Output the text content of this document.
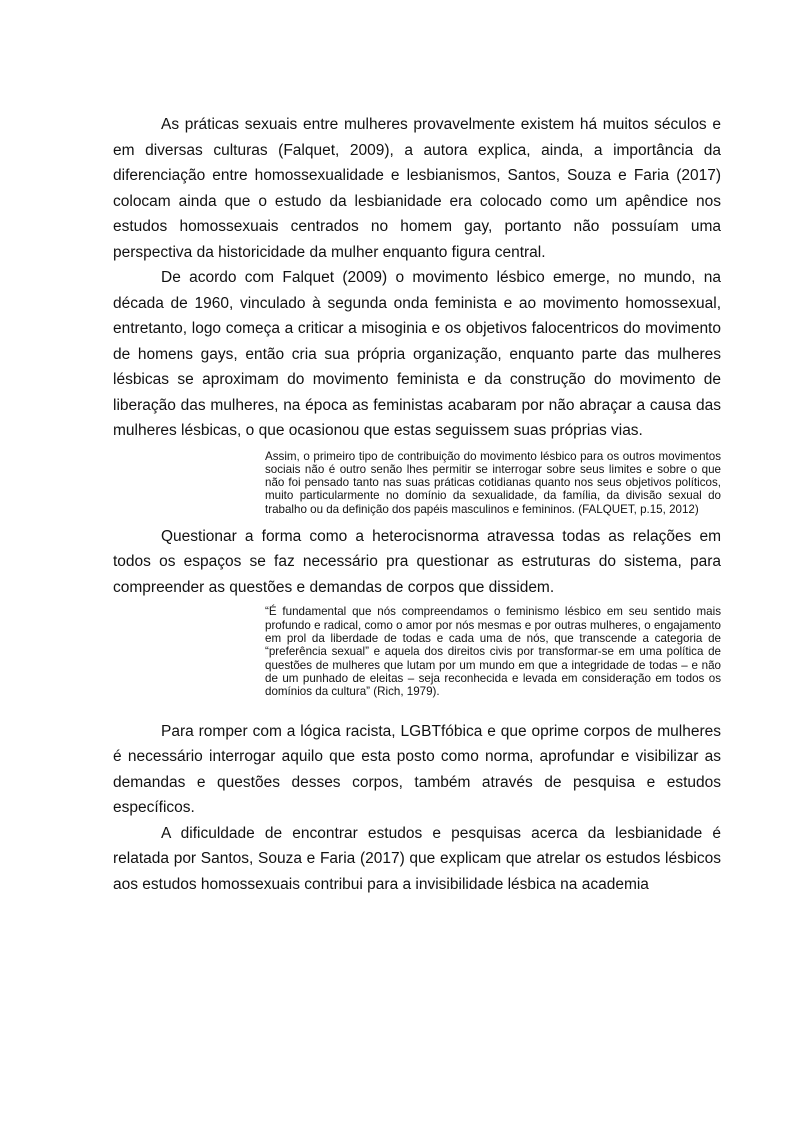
As práticas sexuais entre mulheres provavelmente existem há muitos séculos e em diversas culturas (Falquet, 2009), a autora explica, ainda, a importância da diferenciação entre homossexualidade e lesbianismos, Santos, Souza e Faria (2017) colocam ainda que o estudo da lesbianidade era colocado como um apêndice nos estudos homossexuais centrados no homem gay, portanto não possuíam uma perspectiva da historicidade da mulher enquanto figura central.

De acordo com Falquet (2009) o movimento lésbico emerge, no mundo, na década de 1960, vinculado à segunda onda feminista e ao movimento homossexual, entretanto, logo começa a criticar a misoginia e os objetivos falocentricos do movimento de homens gays, então cria sua própria organização, enquanto parte das mulheres lésbicas se aproximam do movimento feminista e da construção do movimento de liberação das mulheres, na época as feministas acabaram por não abraçar a causa das mulheres lésbicas, o que ocasionou que estas seguissem suas próprias vias.

Assim, o primeiro tipo de contribuição do movimento lésbico para os outros movimentos sociais não é outro senão lhes permitir se interrogar sobre seus limites e sobre o que não foi pensado tanto nas suas práticas cotidianas quanto nos seus objetivos políticos, muito particularmente no domínio da sexualidade, da família, da divisão sexual do trabalho ou da definição dos papéis masculinos e femininos. (FALQUET, p.15, 2012)

Questionar a forma como a heterocisnorma atravessa todas as relações em todos os espaços se faz necessário pra questionar as estruturas do sistema, para compreender as questões e demandas de corpos que dissidem.

“É fundamental que nós compreendamos o feminismo lésbico em seu sentido mais profundo e radical, como o amor por nós mesmas e por outras mulheres, o engajamento em prol da liberdade de todas e cada uma de nós, que transcende a categoria de “preferência sexual” e aquela dos direitos civis por transformar-se em uma política de questões de mulheres que lutam por um mundo em que a integridade de todas – e não de um punhado de eleitas – seja reconhecida e levada em consideração em todos os domínios da cultura” (Rich, 1979).

Para romper com a lógica racista, LGBTfóbica e que oprime corpos de mulheres é necessário interrogar aquilo que esta posto como norma, aprofundar e visibilizar as demandas e questões desses corpos, também através de pesquisa e estudos específicos.

A dificuldade de encontrar estudos e pesquisas acerca da lesbianidade é relatada por Santos, Souza e Faria (2017) que explicam que atrelar os estudos lésbicos aos estudos homossexuais contribui para a invisibilidade lésbica na academia
